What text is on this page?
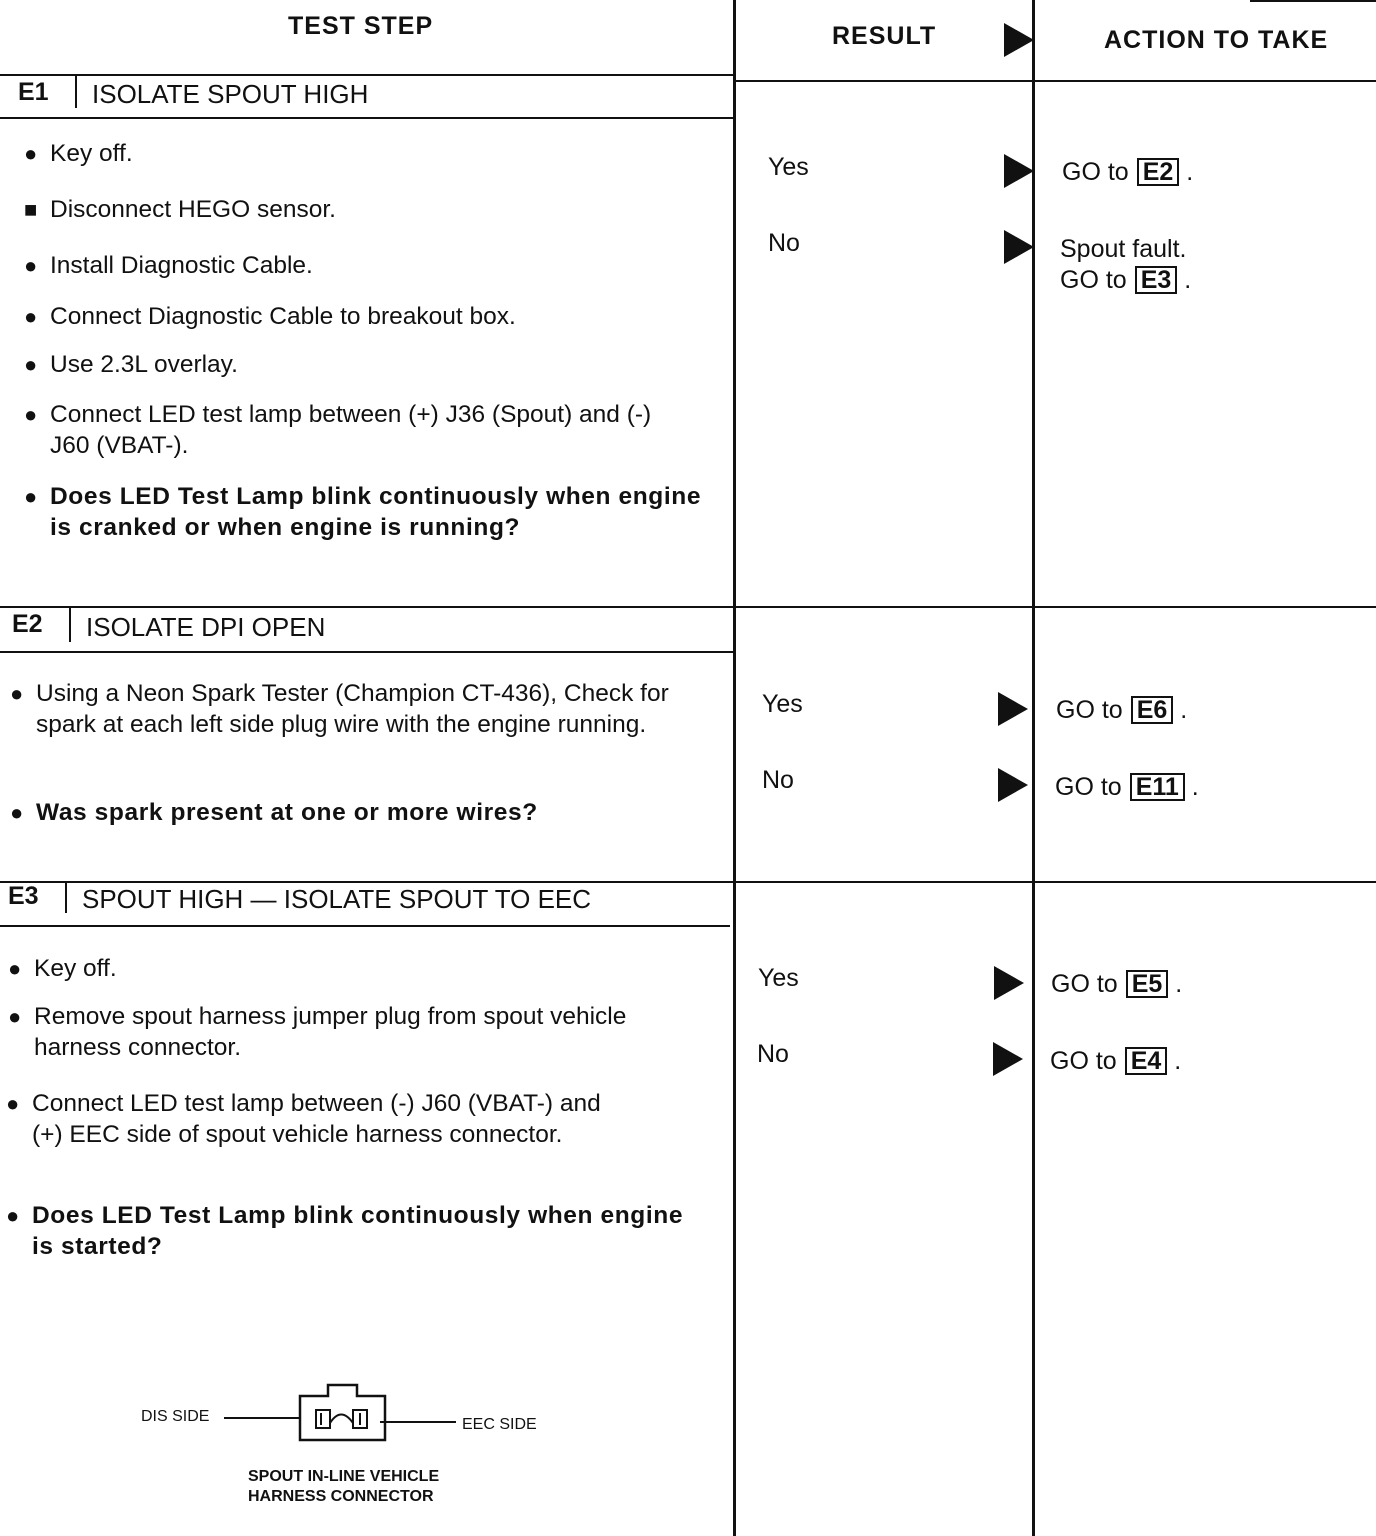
TEST STEP	RESULT	ACTION TO TAKE
E1 ISOLATE SPOUT HIGH
● Key off.
■ Disconnect HEGO sensor.
● Install Diagnostic Cable.
● Connect Diagnostic Cable to breakout box.
● Use 2.3L overlay.
● Connect LED test lamp between (+) J36 (Spout) and (-) J60 (VBAT-).
● Does LED Test Lamp blink continuously when engine is cranked or when engine is running?
Yes	GO to E2 .
No	Spout fault.
GO to E3 .
E2 ISOLATE DPI OPEN
● Using a Neon Spark Tester (Champion CT-436), Check for spark at each left side plug wire with the engine running.
● Was spark present at one or more wires?
Yes	GO to E6 .
No	GO to E11 .
E3 SPOUT HIGH — ISOLATE SPOUT TO EEC
● Key off.
● Remove spout harness jumper plug from spout vehicle harness connector.
● Connect LED test lamp between (-) J60 (VBAT-) and (+) EEC side of spout vehicle harness connector.
● Does LED Test Lamp blink continuously when engine is started?
Yes	GO to E5 .
No	GO to E4 .
DIS SIDE	EEC SIDE
SPOUT IN-LINE VEHICLE
HARNESS CONNECTOR
